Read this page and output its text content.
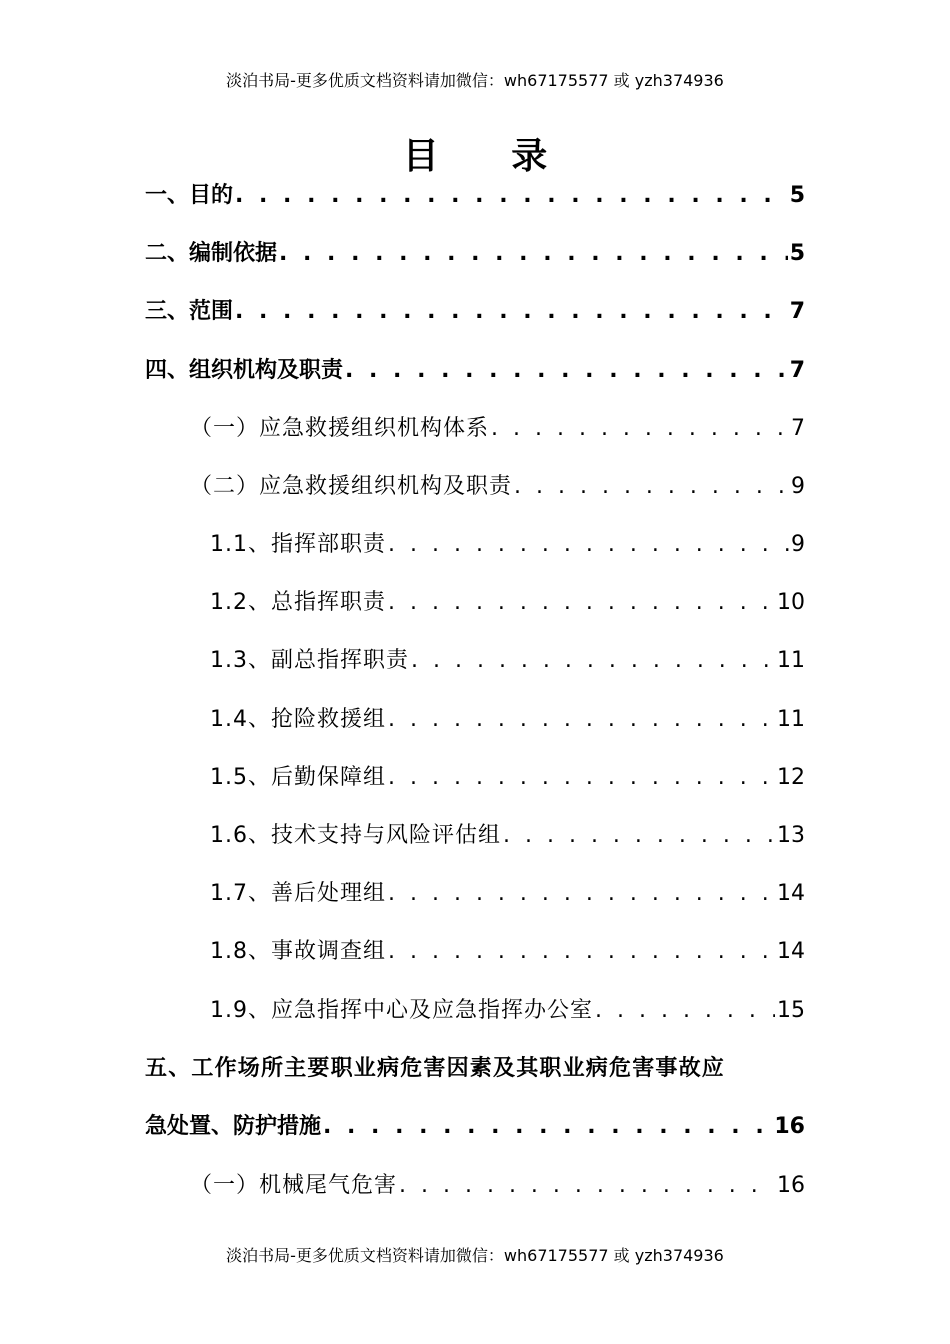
淡泊书局-更多优质文档资料请加微信：wh67175577 或 yzh374936
目 录
一、目的 . . .	5
二、编制依据 . . .	5
三、范围 . . .	7
四、组织机构及职责 . . .	7
（一）应急救援组织机构体系 . . .	7
（二）应急救援组织机构及职责 . . .	9
1.1、指挥部职责 . . .	9
1.2、总指挥职责 . . .	10
1.3、副总指挥职责 . . .	11
1.4、抢险救援组 . . .	11
1.5、后勤保障组 . . .	12
1.6、技术支持与风险评估组 . . .	13
1.7、善后处理组 . . .	14
1.8、事故调查组 . . .	14
1.9、应急指挥中心及应急指挥办公室 . . .	15
五、工作场所主要职业病危害因素及其职业病危害事故应
急处置、防护措施 . . .	16
（一）机械尾气危害 . . .	16
淡泊书局-更多优质文档资料请加微信：wh67175577 或 yzh374936
